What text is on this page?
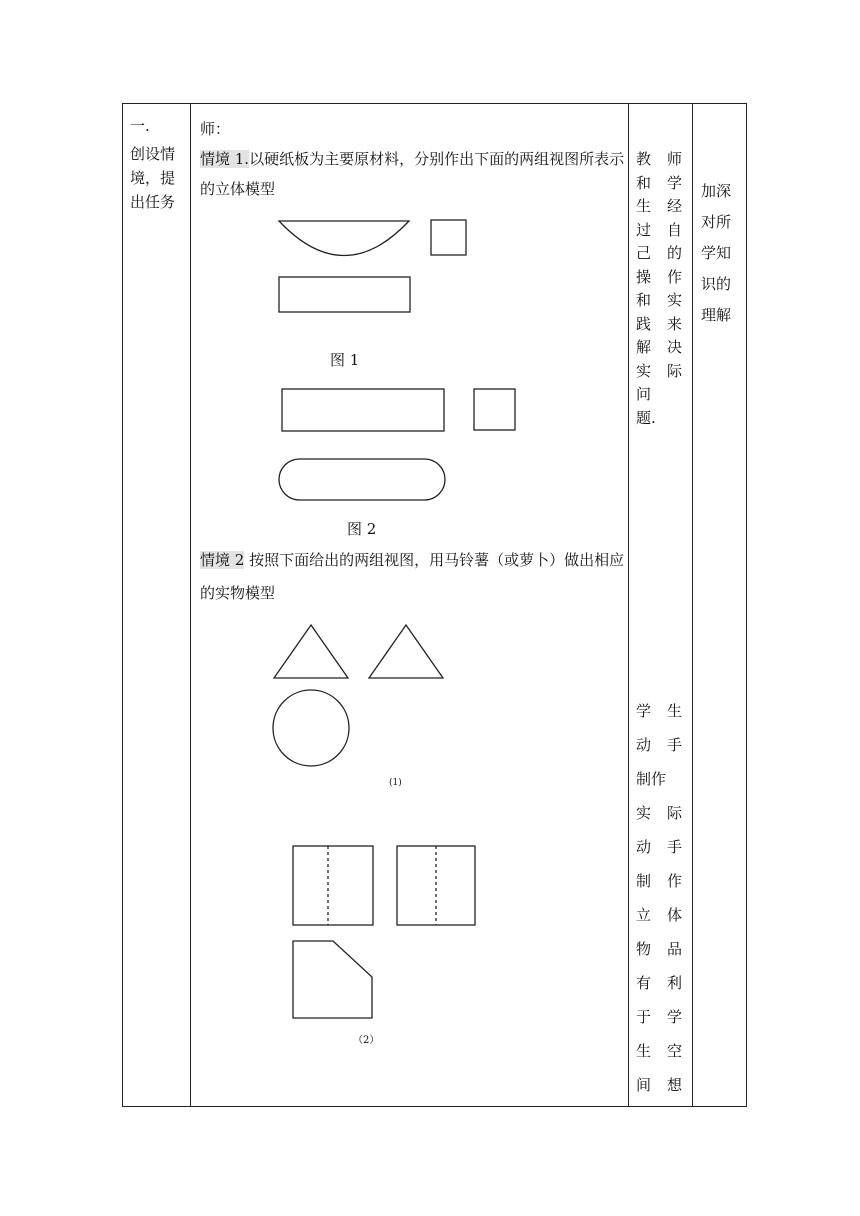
一.
创设情
境，提
出任务

师：

情境 1.以硬纸板为主要原材料，分别作出下面的两组视图所表示的立体模型

图 1
图 2
情境 2 按照下面给出的两组视图，用马铃薯（或萝卜）做出相应的实物模型
(1)
（2）
教	师
和	学
生	经
过	自
己	的
操	作
和	实
践	来
解	决
实	际
问题.
学	生
动	手
制作
实	际
动	手
制	作
立	体
物	品
有	利
于	学
生	空
间	想
加深
对所
学知
识的
理解
